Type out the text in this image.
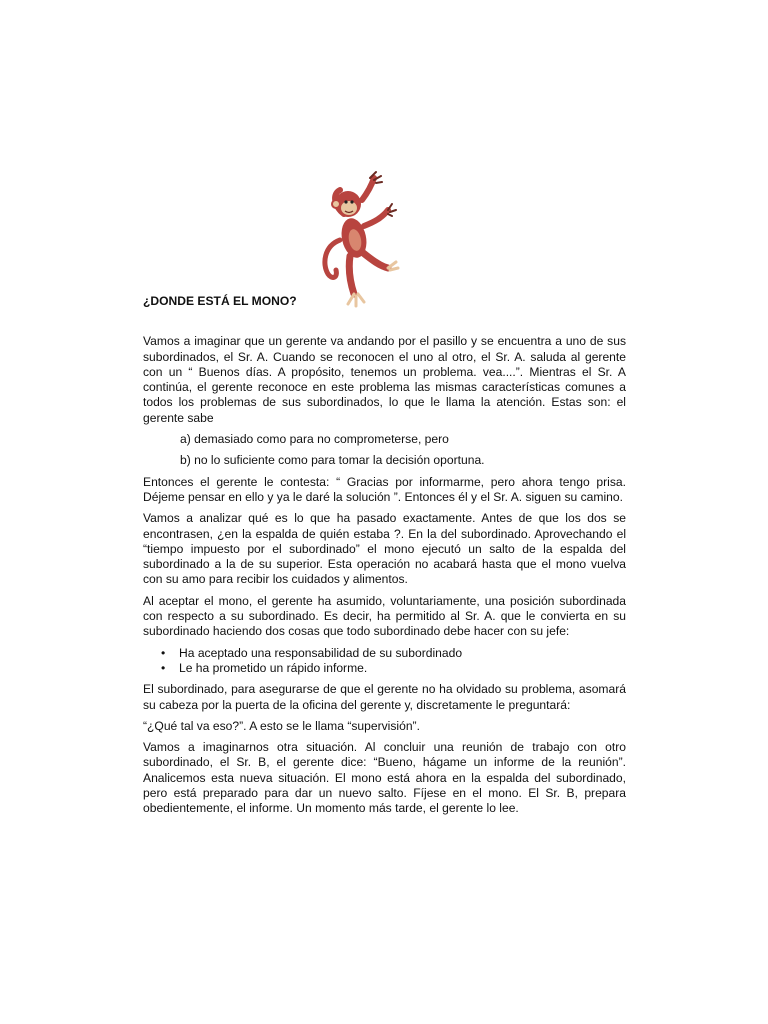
¿DONDE ESTÁ EL MONO?
Vamos a imaginar que un gerente va andando por el pasillo y se encuentra a uno de sus subordinados, el Sr. A. Cuando se reconocen el uno al otro, el Sr. A. saluda al gerente con un “ Buenos días. A propósito, tenemos un problema. vea....”. Mientras el Sr. A continúa, el gerente reconoce en este problema las mismas características comunes a todos los problemas de sus subordinados, lo que le llama la atención. Estas son: el gerente sabe
a) demasiado como para no comprometerse, pero
b) no lo suficiente como para tomar la decisión oportuna.
Entonces el gerente le contesta: “ Gracias por informarme, pero ahora tengo prisa. Déjeme pensar en ello y ya le daré la solución ”. Entonces él y el Sr. A. siguen su camino.
Vamos a analizar qué es lo que ha pasado exactamente. Antes de que los dos se encontrasen, ¿en la espalda de quién estaba ?. En la del subordinado. Aprovechando el “tiempo impuesto por el subordinado” el mono ejecutó un salto de la espalda del subordinado a la de su superior. Esta operación no acabará hasta que el mono vuelva con su amo para recibir los cuidados y alimentos.
Al aceptar el mono, el gerente ha asumido, voluntariamente, una posición subordinada con respecto a su subordinado. Es decir, ha permitido al Sr. A. que le convierta en su subordinado haciendo dos cosas que todo subordinado debe hacer con su jefe:
• Ha aceptado una responsabilidad de su subordinado
• Le ha prometido un rápido informe.
El subordinado, para asegurarse de que el gerente no ha olvidado su problema, asomará su cabeza por la puerta de la oficina del gerente y, discretamente le preguntará:
“¿Qué tal va eso?”. A esto se le llama “supervisión”.
Vamos a imaginarnos otra situación. Al concluir una reunión de trabajo con otro subordinado, el Sr. B, el gerente dice: “Bueno, hágame un informe de la reunión”. Analicemos esta nueva situación. El mono está ahora en la espalda del subordinado, pero está preparado para dar un nuevo salto. Fíjese en el mono. El Sr. B, prepara obedientemente, el informe. Un momento más tarde, el gerente lo lee.
